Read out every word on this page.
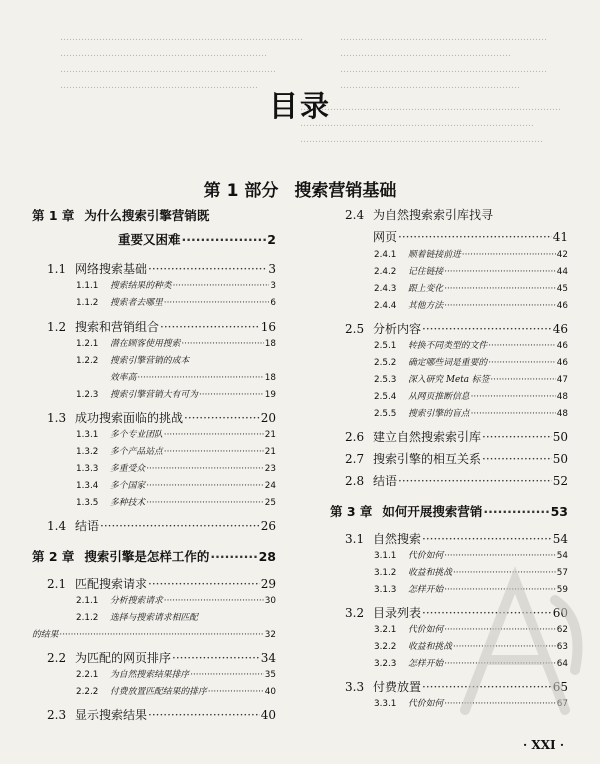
………………………………………………………………………
……………………………………………………………
………………………………………………………………
…………………………………………………………
……………………………………………………………
…………………………………………………
……………………………………………………………
……………………………………………………
……………………………………………………………………………
……………………………………………………………………
………………………………………………………………………
目录
第 1 部分 搜索营销基础
第 1 章 为什么搜索引擎营销既
重要又困难 ·····	2
1.1 网络搜索基础 ·····	3
1.1.1 搜索结果的种类 ·····	3
1.1.2 搜索者去哪里 ·····	6
1.2 搜索和营销组合 ·····	16
1.2.1 潜在顾客使用搜索 ·····	18
1.2.2 搜索引擎营销的成本
效率高 ·····	18
1.2.3 搜索引擎营销大有可为 ·····	19
1.3 成功搜索面临的挑战 ·····	20
1.3.1 多个专业团队 ·····	21
1.3.2 多个产品站点 ·····	21
1.3.3 多重受众 ·····	23
1.3.4 多个国家 ·····	24
1.3.5 多种技术 ·····	25
1.4 结语 ·····	26
第 2 章 搜索引擎是怎样工作的 ·····	28
2.1 匹配搜索请求 ·····	29
2.1.1 分析搜索请求 ·····	30
2.1.2 选择与搜索请求相匹配
的结果 ·····	32
2.2 为匹配的网页排序 ·····	34
2.2.1 为自然搜索结果排序 ·····	35
2.2.2 付费放置匹配结果的排序 ·····	40
2.3 显示搜索结果 ·····	40
2.4 为自然搜索索引库找寻
网页 ·····	41
2.4.1 顺着链接前进 ·····	42
2.4.2 记住链接 ·····	44
2.4.3 跟上变化 ·····	45
2.4.4 其他方法 ·····	46
2.5 分析内容 ·····	46
2.5.1 转换不同类型的文件 ·····	46
2.5.2 确定哪些词是重要的 ·····	46
2.5.3 深入研究 Meta 标签 ·····	47
2.5.4 从网页推断信息 ·····	48
2.5.5 搜索引擎的盲点 ·····	48
2.6 建立自然搜索索引库 ·····	50
2.7 搜索引擎的相互关系 ·····	50
2.8 结语 ·····	52
第 3 章 如何开展搜索营销 ·····	53
3.1 自然搜索 ·····	54
3.1.1 代价如何 ·····	54
3.1.2 收益和挑战 ·····	57
3.1.3 怎样开始 ·····	59
3.2 目录列表 ·····	60
3.2.1 代价如何 ·····	62
3.2.2 收益和挑战 ·····	63
3.2.3 怎样开始 ·····	64
3.3 付费放置 ·····	65
3.3.1 代价如何 ·····	67
· XXI ·
